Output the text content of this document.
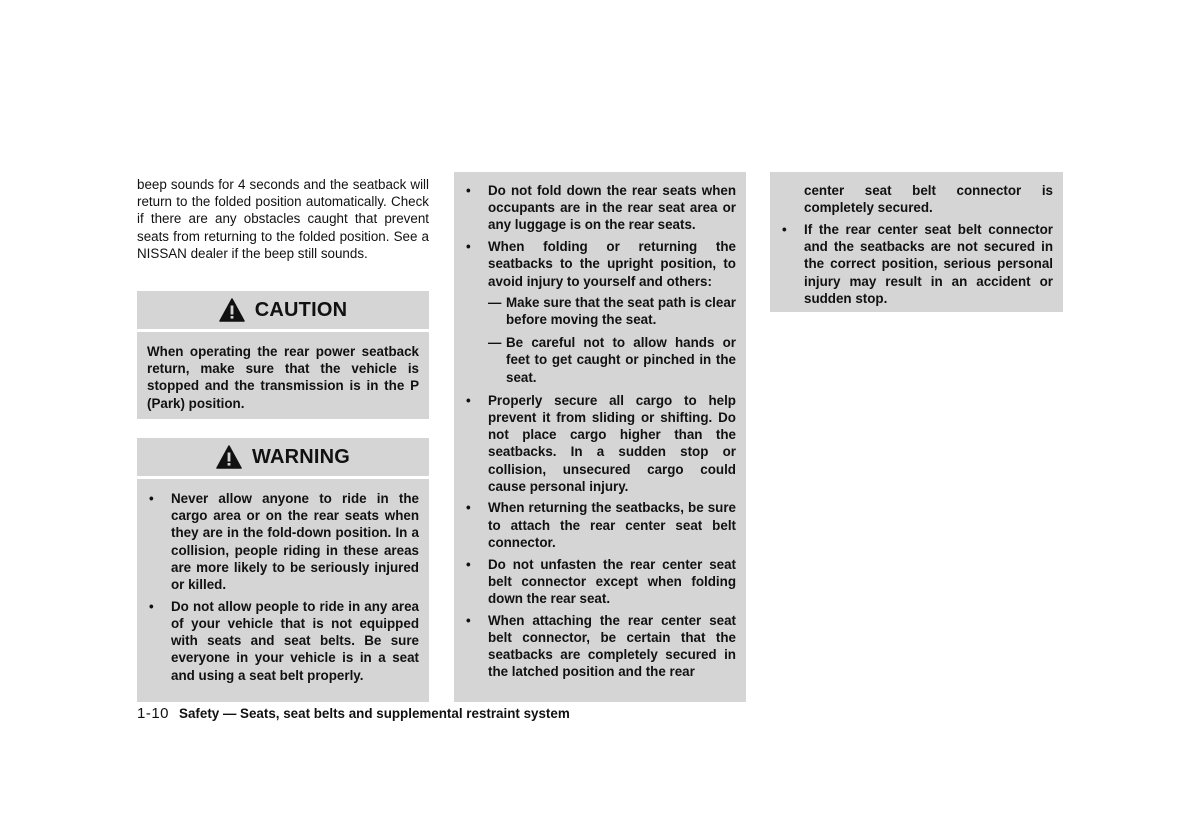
beep sounds for 4 seconds and the seatback will return to the folded position automatically. Check if there are any obstacles caught that prevent seats from returning to the folded position. See a NISSAN dealer if the beep still sounds.
CAUTION
When operating the rear power seatback return, make sure that the vehicle is stopped and the transmission is in the P (Park) position.
WARNING
• Never allow anyone to ride in the cargo area or on the rear seats when they are in the fold-down position. In a collision, people riding in these areas are more likely to be seriously injured or killed.
• Do not allow people to ride in any area of your vehicle that is not equipped with seats and seat belts. Be sure everyone in your vehicle is in a seat and using a seat belt properly.
• Do not fold down the rear seats when occupants are in the rear seat area or any luggage is on the rear seats.
• When folding or returning the seatbacks to the upright position, to avoid injury to yourself and others:
— Make sure that the seat path is clear before moving the seat.
— Be careful not to allow hands or feet to get caught or pinched in the seat.
• Properly secure all cargo to help prevent it from sliding or shifting. Do not place cargo higher than the seatbacks. In a sudden stop or collision, unsecured cargo could cause personal injury.
• When returning the seatbacks, be sure to attach the rear center seat belt connector.
• Do not unfasten the rear center seat belt connector except when folding down the rear seat.
• When attaching the rear center seat belt connector, be certain that the seatbacks are completely secured in the latched position and the rear
center seat belt connector is completely secured.
• If the rear center seat belt connector and the seatbacks are not secured in the correct position, serious personal injury may result in an accident or sudden stop.
1-10 Safety — Seats, seat belts and supplemental restraint system
